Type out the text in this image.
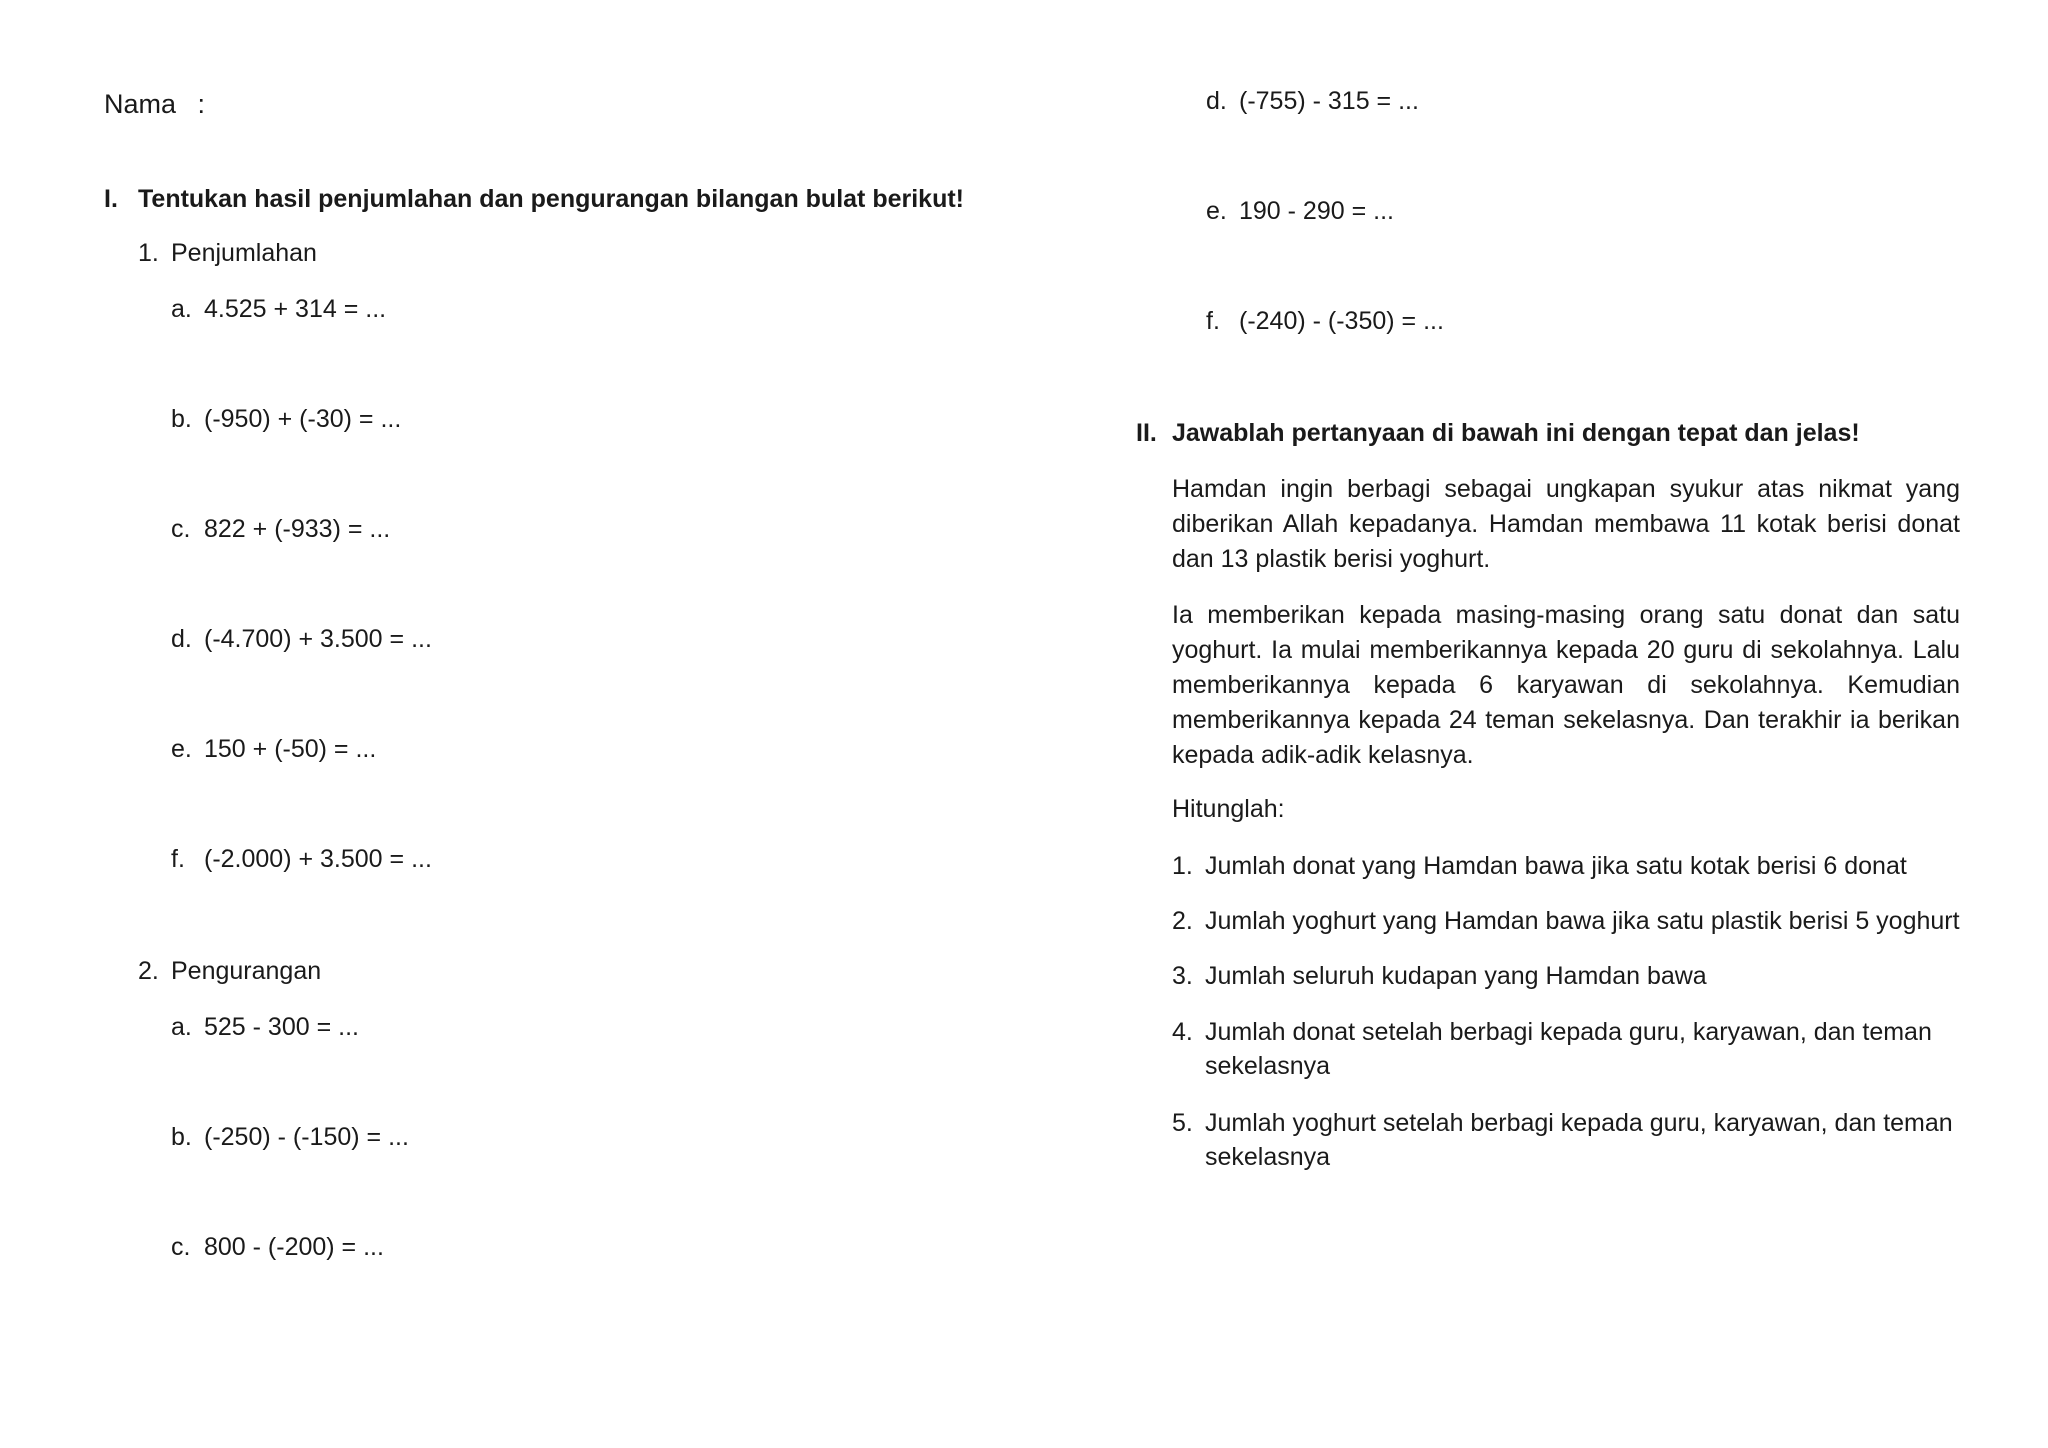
Nama :
I. Tentukan hasil penjumlahan dan pengurangan bilangan bulat berikut!
1. Penjumlahan
a. 4.525 + 314 = ...
b. (-950) + (-30) = ...
c. 822 + (-933) = ...
d. (-4.700) + 3.500 = ...
e. 150 + (-50) = ...
f. (-2.000) + 3.500 = ...
2. Pengurangan
a. 525 - 300 = ...
b. (-250) - (-150) = ...
c. 800 - (-200) = ...
d. (-755) - 315 = ...
e. 190 - 290 = ...
f. (-240) - (-350) = ...
II. Jawablah pertanyaan di bawah ini dengan tepat dan jelas!
Hamdan ingin berbagi sebagai ungkapan syukur atas nikmat yang diberikan Allah kepadanya. Hamdan membawa 11 kotak berisi donat dan 13 plastik berisi yoghurt.
Ia memberikan kepada masing-masing orang satu donat dan satu yoghurt. Ia mulai memberikannya kepada 20 guru di sekolahnya. Lalu memberikannya kepada 6 karyawan di sekolahnya. Kemudian memberikannya kepada 24 teman sekelasnya. Dan terakhir ia berikan kepada adik-adik kelasnya.
Hitunglah:
1. Jumlah donat yang Hamdan bawa jika satu kotak berisi 6 donat
2. Jumlah yoghurt yang Hamdan bawa jika satu plastik berisi 5 yoghurt
3. Jumlah seluruh kudapan yang Hamdan bawa
4. Jumlah donat setelah berbagi kepada guru, karyawan, dan teman sekelasnya
5. Jumlah yoghurt setelah berbagi kepada guru, karyawan, dan teman sekelasnya
